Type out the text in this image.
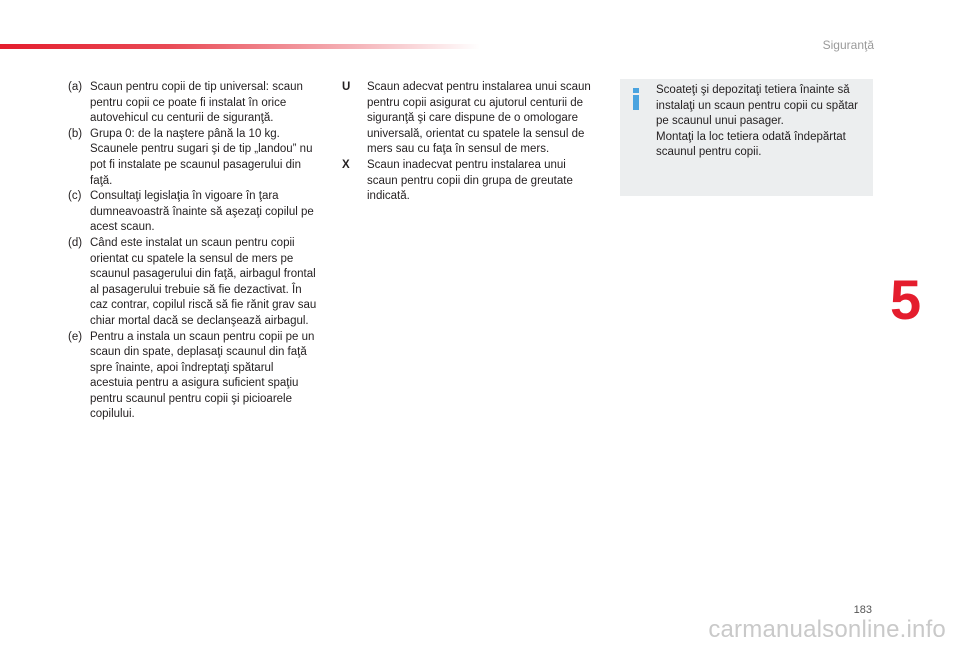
Siguranţă
(a) Scaun pentru copii de tip universal: scaun pentru copii ce poate fi instalat în orice autovehicul cu centurii de siguranţă.
(b) Grupa 0: de la naştere până la 10 kg. Scaunele pentru sugari şi de tip „landou” nu pot fi instalate pe scaunul pasagerului din faţă.
(c) Consultaţi legislaţia în vigoare în ţara dumneavoastră înainte să aşezaţi copilul pe acest scaun.
(d) Când este instalat un scaun pentru copii orientat cu spatele la sensul de mers pe scaunul pasagerului din faţă, airbagul frontal al pasagerului trebuie să fie dezactivat. În caz contrar, copilul riscă să fie rănit grav sau chiar mortal dacă se declanşează airbagul.
(e) Pentru a instala un scaun pentru copii pe un scaun din spate, deplasaţi scaunul din faţă spre înainte, apoi îndreptaţi spătarul acestuia pentru a asigura suficient spaţiu pentru scaunul pentru copii şi picioarele copilului.
U	Scaun adecvat pentru instalarea unui scaun pentru copii asigurat cu ajutorul centurii de siguranţă şi care dispune de o omologare universală, orientat cu spatele la sensul de mers sau cu faţa în sensul de mers.
X	Scaun inadecvat pentru instalarea unui scaun pentru copii din grupa de greutate indicată.
Scoateţi şi depozitaţi tetiera înainte să instalaţi un scaun pentru copii cu spătar pe scaunul unui pasager.
Montaţi la loc tetiera odată îndepărtat scaunul pentru copii.
5
183
carmanualsonline.info
